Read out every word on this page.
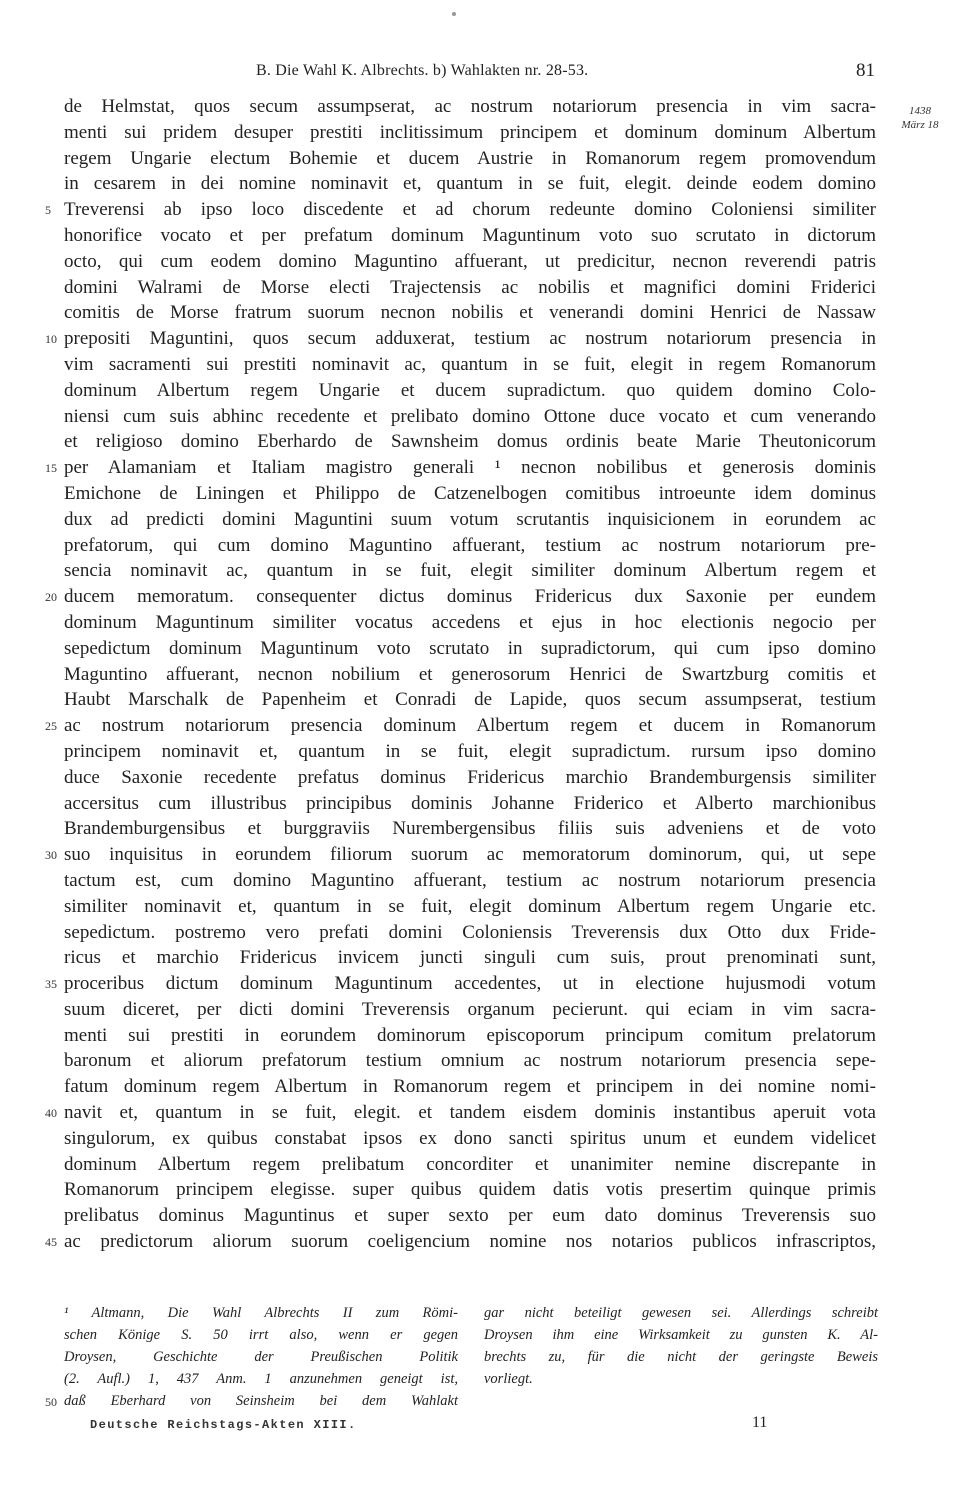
B. Die Wahl K. Albrechts. b) Wahlakten nr. 28-53.	81
1438
März 18
de Helmstat, quos secum assumpserat, ac nostrum notariorum presencia in vim sacra-
menti sui pridem desuper prestiti inclitissimum principem et dominum dominum Albertum
regem Ungarie electum Bohemie et ducem Austrie in Romanorum regem promovendum
in cesarem in dei nomine nominavit et, quantum in se fuit, elegit. deinde eodem domino
5 Treverensi ab ipso loco discedente et ad chorum redeunte domino Coloniensi similiter
honorifice vocato et per prefatum dominum Maguntinum voto suo scrutato in dictorum
octo, qui cum eodem domino Maguntino affuerant, ut predicitur, necnon reverendi patris
domini Walrami de Morse electi Trajectensis ac nobilis et magnifici domini Friderici
comitis de Morse fratrum suorum necnon nobilis et venerandi domini Henrici de Nassaw
10 prepositi Maguntini, quos secum adduxerat, testium ac nostrum notariorum presencia in
vim sacramenti sui prestiti nominavit ac, quantum in se fuit, elegit in regem Romanorum
dominum Albertum regem Ungarie et ducem supradictum. quo quidem domino Colo-
niensi cum suis abhinc recedente et prelibato domino Ottone duce vocato et cum venerando
et religioso domino Eberhardo de Sawnsheim domus ordinis beate Marie Theutonicorum
15 per Alamaniam et Italiam magistro generali ¹ necnon nobilibus et generosis dominis
Emichone de Liningen et Philippo de Catzenelbogen comitibus introeunte idem dominus
dux ad predicti domini Maguntini suum votum scrutantis inquisicionem in eorundem ac
prefatorum, qui cum domino Maguntino affuerant, testium ac nostrum notariorum pre-
sencia nominavit ac, quantum in se fuit, elegit similiter dominum Albertum regem et
20 ducem memoratum. consequenter dictus dominus Fridericus dux Saxonie per eundem
dominum Maguntinum similiter vocatus accedens et ejus in hoc electionis negocio per
sepedictum dominum Maguntinum voto scrutato in supradictorum, qui cum ipso domino
Maguntino affuerant, necnon nobilium et generosorum Henrici de Swartzburg comitis et
Haubt Marschalk de Papenheim et Conradi de Lapide, quos secum assumpserat, testium
25 ac nostrum notariorum presencia dominum Albertum regem et ducem in Romanorum
principem nominavit et, quantum in se fuit, elegit supradictum. rursum ipso domino
duce Saxonie recedente prefatus dominus Fridericus marchio Brandemburgensis similiter
accersitus cum illustribus principibus dominis Johanne Friderico et Alberto marchionibus
Brandemburgensibus et burggraviis Nurembergensibus filiis suis adveniens et de voto
30 suo inquisitus in eorundem filiorum suorum ac memoratorum dominorum, qui, ut sepe
tactum est, cum domino Maguntino affuerant, testium ac nostrum notariorum presencia
similiter nominavit et, quantum in se fuit, elegit dominum Albertum regem Ungarie etc.
sepedictum. postremo vero prefati domini Coloniensis Treverensis dux Otto dux Fride-
ricus et marchio Fridericus invicem juncti singuli cum suis, prout prenominati sunt,
35 proceribus dictum dominum Maguntinum accedentes, ut in electione hujusmodi votum
suum diceret, per dicti domini Treverensis organum pecierunt. qui eciam in vim sacra-
menti sui prestiti in eorundem dominorum episcoporum principum comitum prelatorum
baronum et aliorum prefatorum testium omnium ac nostrum notariorum presencia sepe-
fatum dominum regem Albertum in Romanorum regem et principem in dei nomine nomi-
40 navit et, quantum in se fuit, elegit. et tandem eisdem dominis instantibus aperuit vota
singulorum, ex quibus constabat ipsos ex dono sancti spiritus unum et eundem videlicet
dominum Albertum regem prelibatum concorditer et unanimiter nemine discrepante in
Romanorum principem elegisse. super quibus quidem datis votis presertim quinque primis
prelibatus dominus Maguntinus et super sexto per eum dato dominus Treverensis suo
45 ac predictorum aliorum suorum coeligencium nomine nos notarios publicos infrascriptos,
¹ Altmann, Die Wahl Albrechts II zum Römi-
schen Könige S. 50 irrt also, wenn er gegen
Droysen, Geschichte der Preußischen Politik
(2. Aufl.) 1, 437 Anm. 1 anzunehmen geneigt ist,
50 daß Eberhard von Seinsheim bei dem Wahlakt
gar nicht beteiligt gewesen sei. Allerdings schreibt
Droysen ihm eine Wirksamkeit zu gunsten K. Al-
brechts zu, für die nicht der geringste Beweis
vorliegt.
Deutsche Reichstags-Akten XIII.	11
